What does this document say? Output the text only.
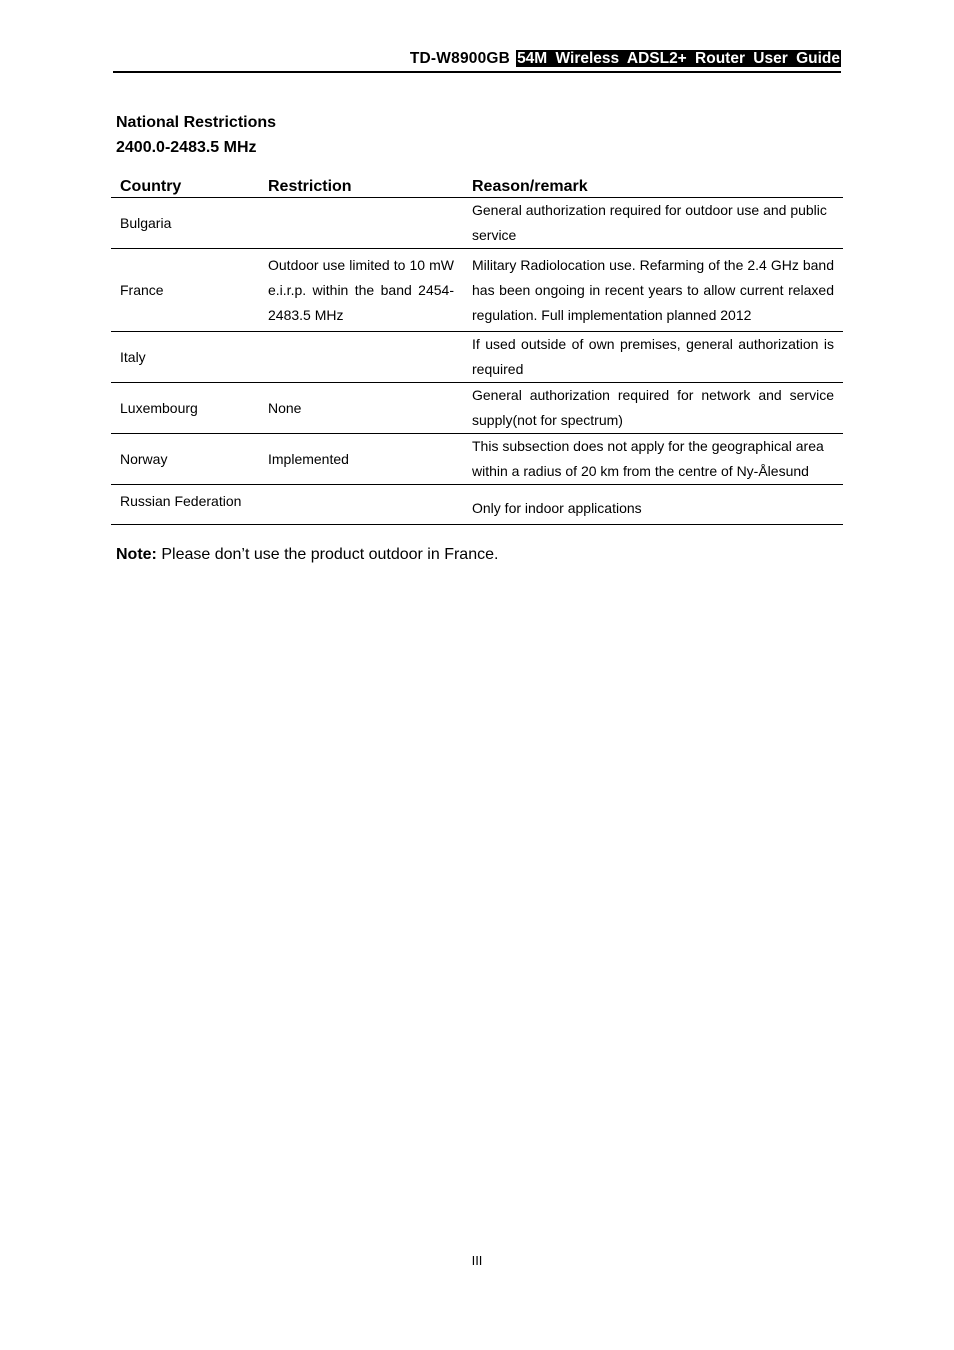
TD-W8900GB 54M Wireless ADSL2+ Router User Guide
National Restrictions
2400.0-2483.5 MHz
Country	Restriction	Reason/remark
Bulgaria		General authorization required for outdoor use and public service
France	Outdoor use limited to 10 mW e.i.r.p. within the band 2454-2483.5 MHz	Military Radiolocation use. Refarming of the 2.4 GHz band has been ongoing in recent years to allow current relaxed regulation. Full implementation planned 2012
Italy		If used outside of own premises, general authorization is required
Luxembourg	None	General authorization required for network and service supply(not for spectrum)
Norway	Implemented	This subsection does not apply for the geographical area within a radius of 20 km from the centre of Ny-Ålesund
Russian Federation		Only for indoor applications
Note: Please don’t use the product outdoor in France.
III
